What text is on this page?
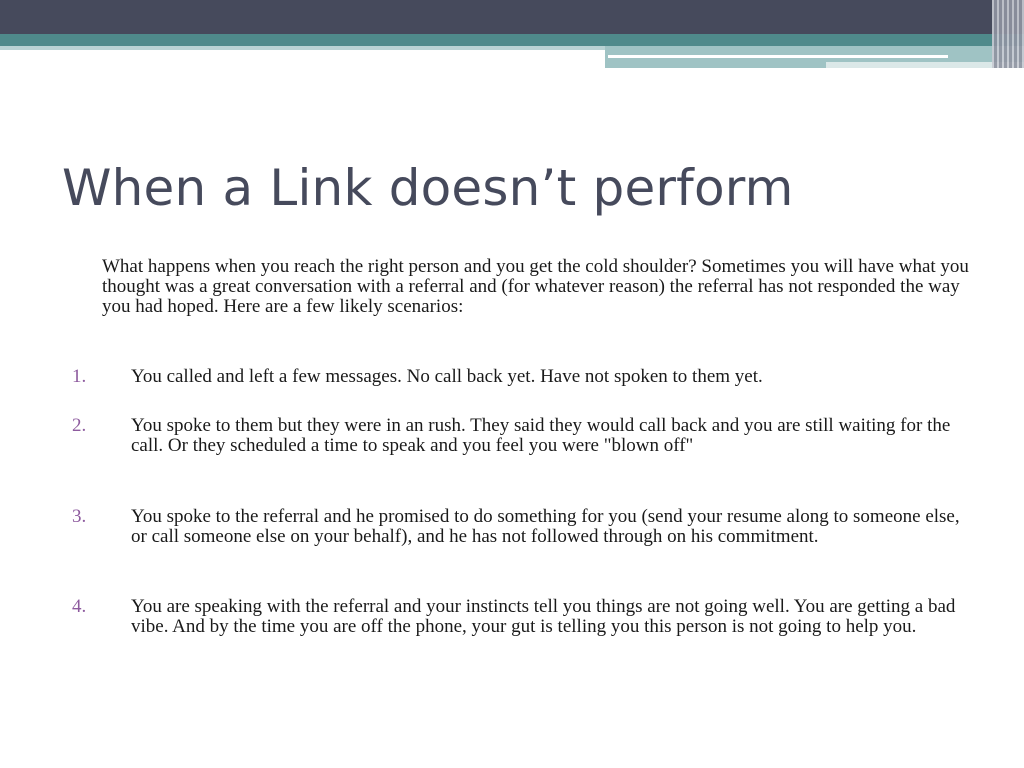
When a Link doesn’t perform
What happens when you reach the right person and you get the cold shoulder? Sometimes you will have what you thought was a great conversation with a referral and (for whatever reason) the referral has not responded the way you had hoped. Here are a few likely scenarios:
1. You called and left a few messages. No call back yet. Have not spoken to them yet.
2. You spoke to them but they were in an rush. They said they would call back and you are still waiting for the call. Or they scheduled a time to speak and you feel you were "blown off"
3. You spoke to the referral and he promised to do something for you (send your resume along to someone else, or call someone else on your behalf), and he has not followed through on his commitment.
4. You are speaking with the referral and your instincts tell you things are not going well. You are getting a bad vibe. And by the time you are off the phone, your gut is telling you this person is not going to help you.
